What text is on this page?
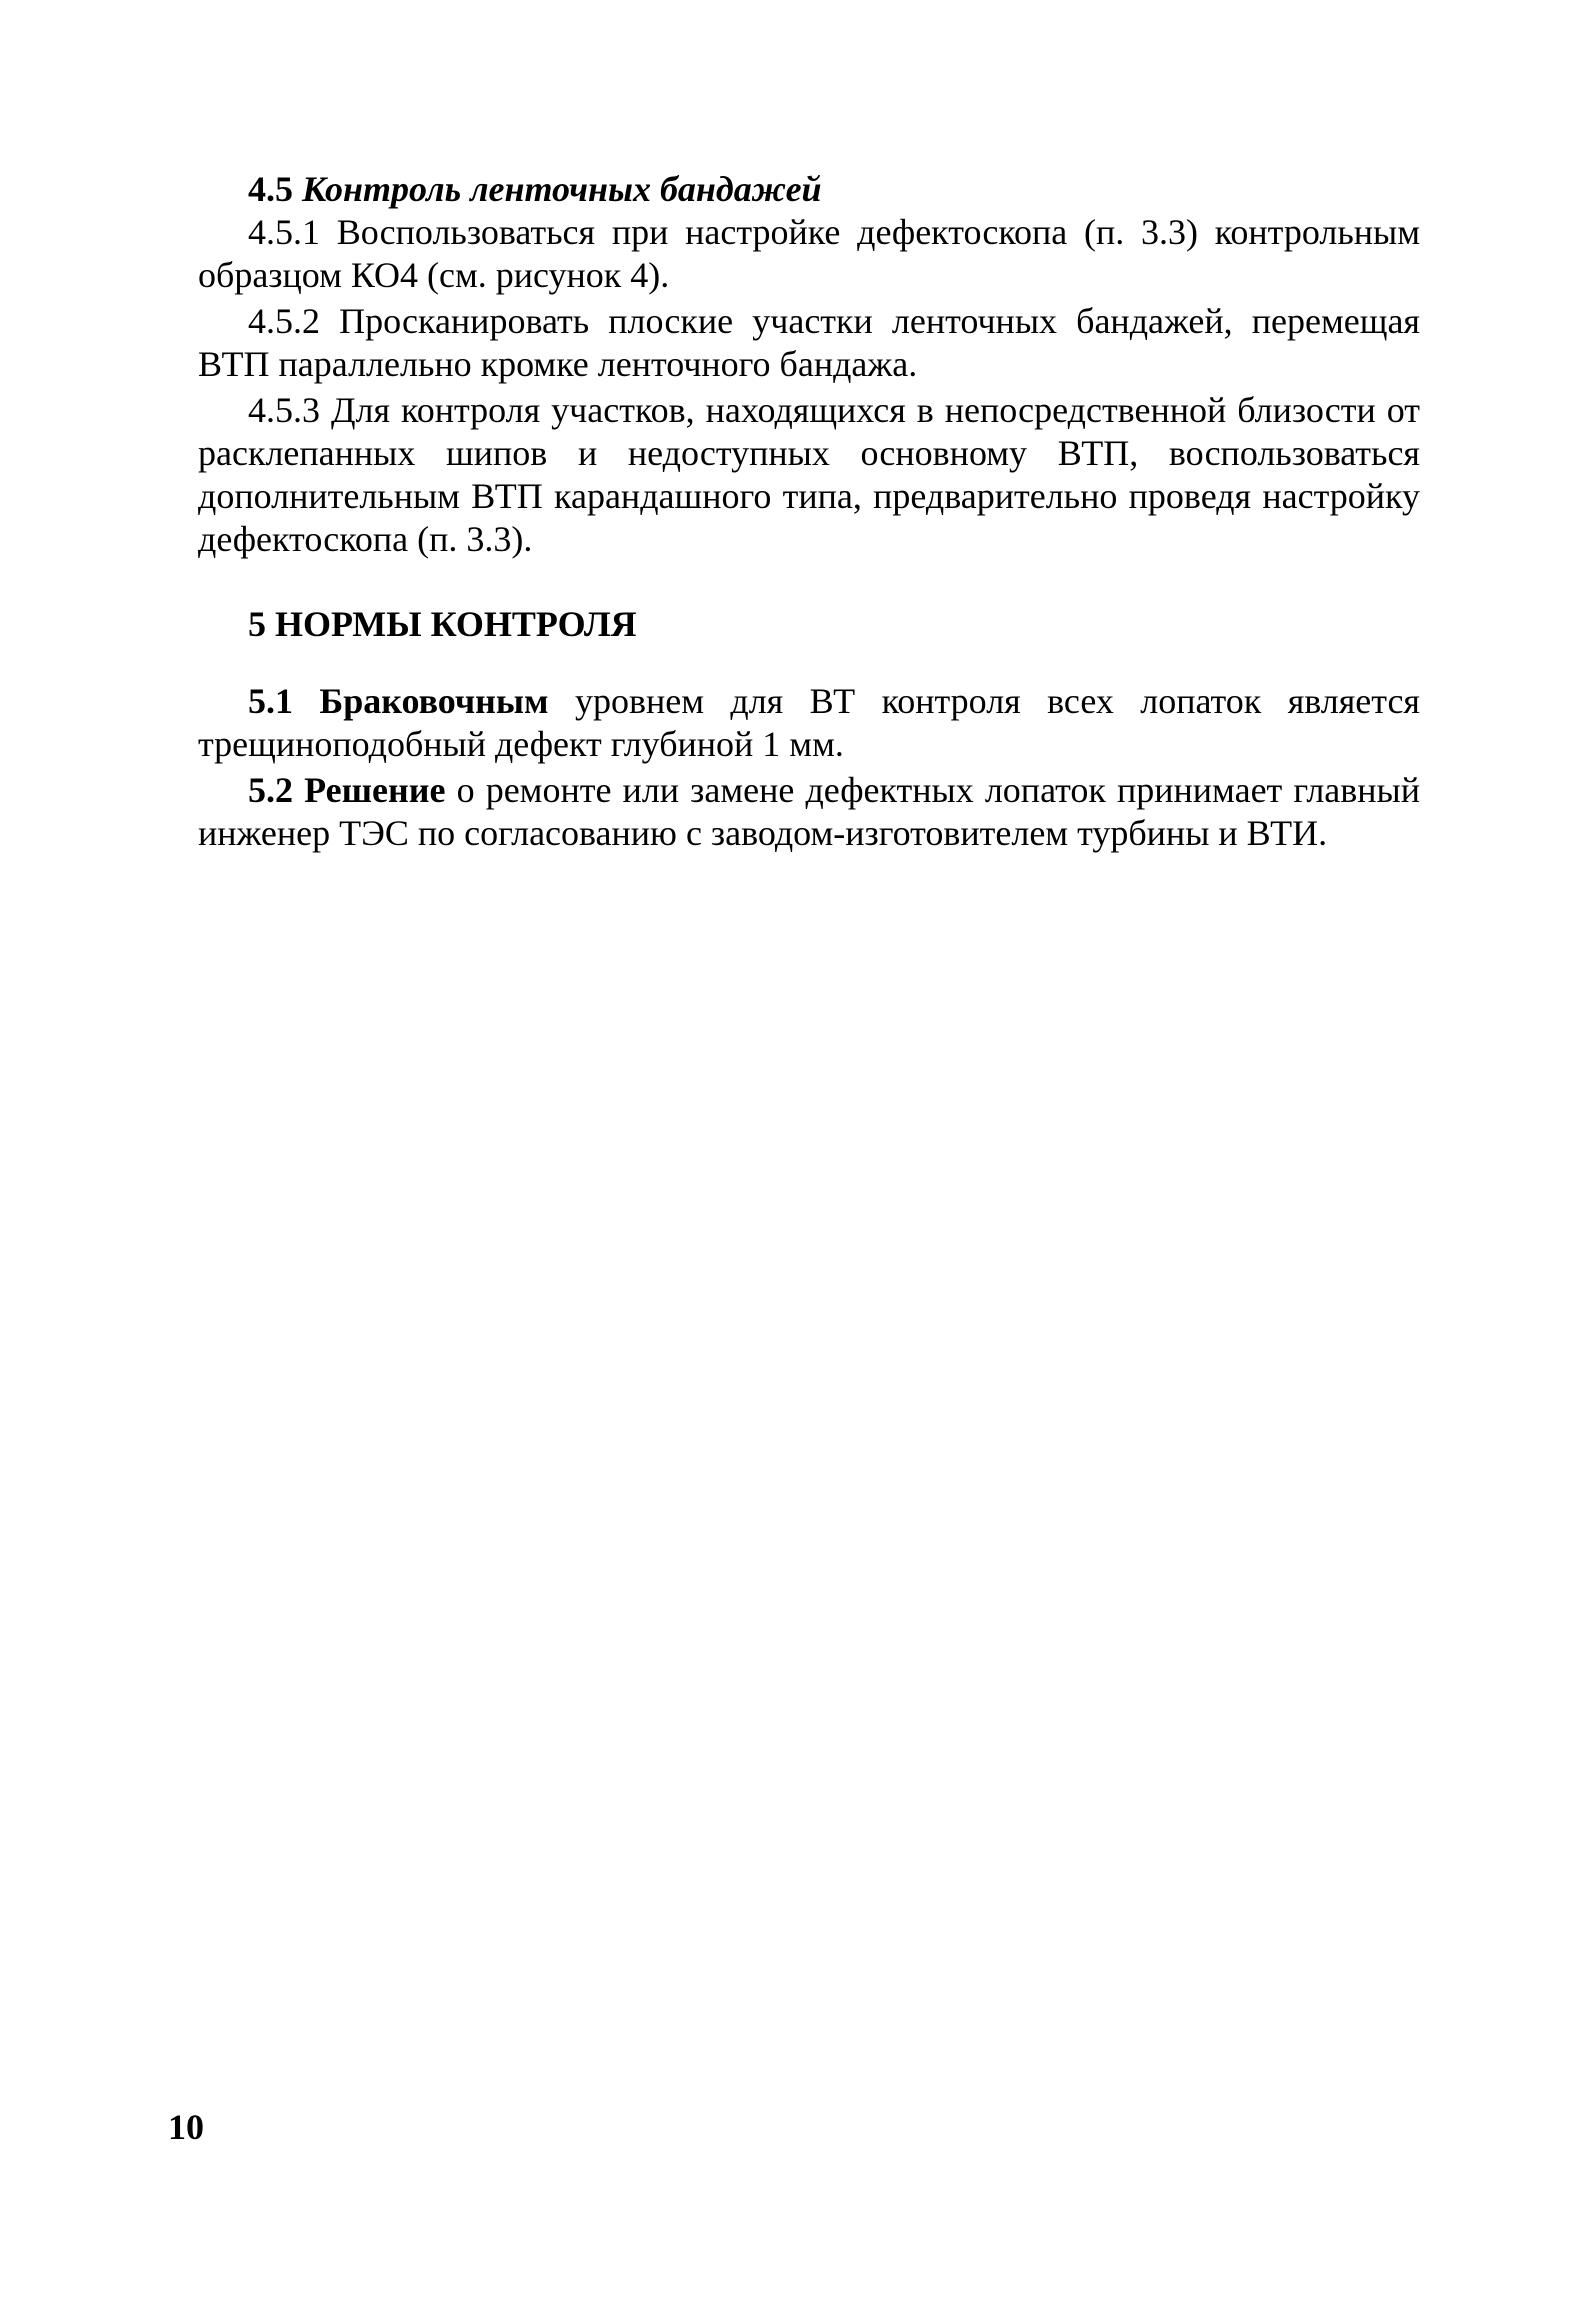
4.5 Контроль ленточных бандажей

4.5.1 Воспользоваться при настройке дефектоскопа (п. 3.3) контрольным образцом КО4 (см. рисунок 4).

4.5.2 Просканировать плоские участки ленточных бандажей, перемещая ВТП параллельно кромке ленточного бандажа.

4.5.3 Для контроля участков, находящихся в непосредственной близости от расклепанных шипов и недоступных основному ВТП, воспользоваться дополнительным ВТП карандашного типа, предварительно проведя настройку дефектоскопа (п. 3.3).

5 НОРМЫ КОНТРОЛЯ

5.1 Браковочным уровнем для ВТ контроля всех лопаток является трещиноподобный дефект глубиной 1 мм.

5.2 Решение о ремонте или замене дефектных лопаток принимает главный инженер ТЭС по согласованию с заводом-изготовителем турбины и ВТИ.

10
